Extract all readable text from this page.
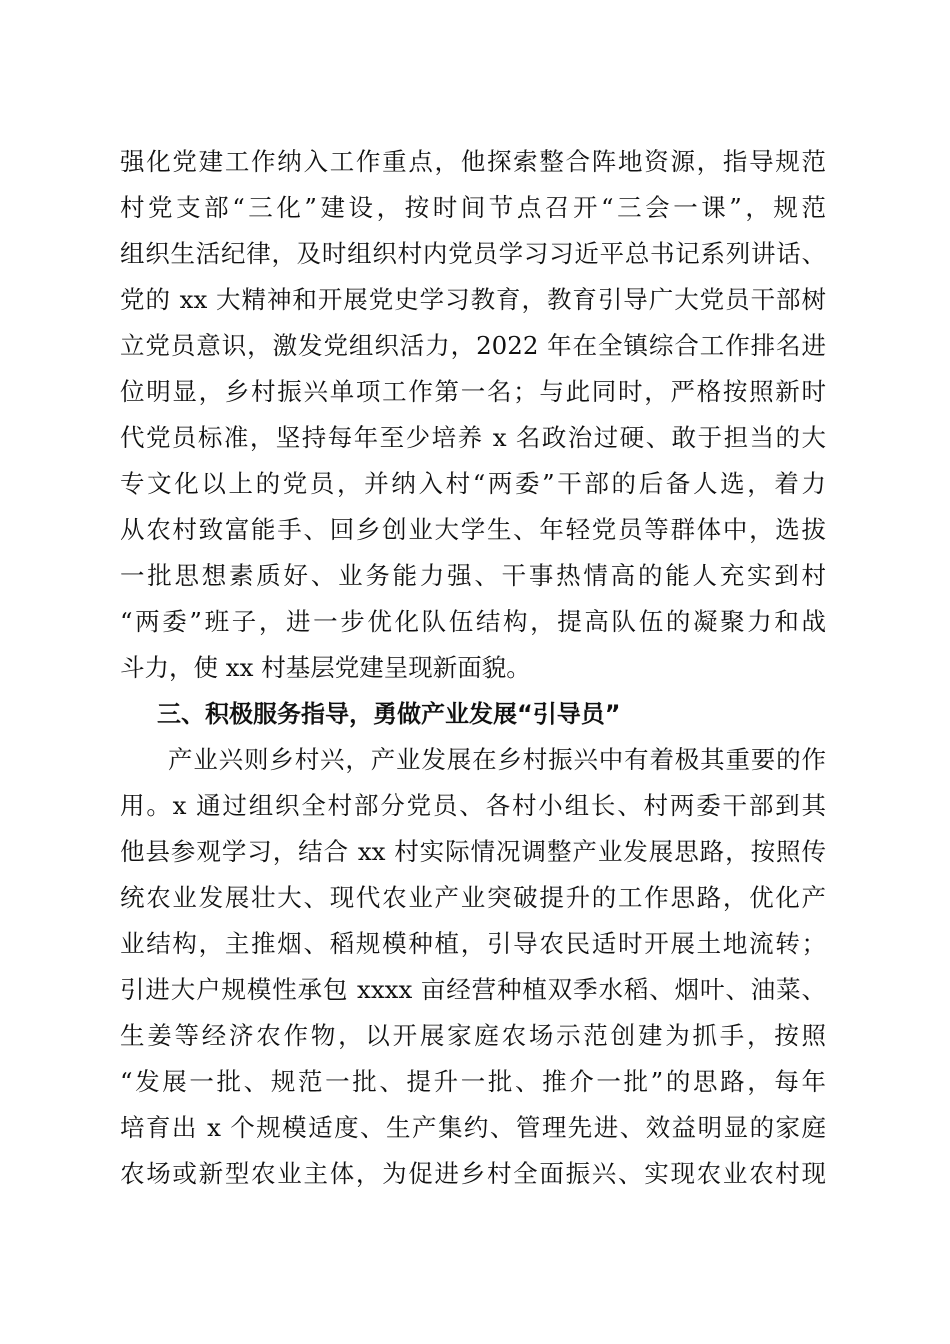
强化党建工作纳入工作重点，他探索整合阵地资源，指导规范
村党支部“三化”建设，按时间节点召开“三会一课”，规范
组织生活纪律，及时组织村内党员学习习近平总书记系列讲话、
党的 xx 大精神和开展党史学习教育，教育引导广大党员干部树
立党员意识，激发党组织活力，2022 年在全镇综合工作排名进
位明显，乡村振兴单项工作第一名；与此同时，严格按照新时
代党员标准，坚持每年至少培养 x 名政治过硬、敢于担当的大
专文化以上的党员，并纳入村“两委”干部的后备人选，着力
从农村致富能手、回乡创业大学生、年轻党员等群体中，选拔
一批思想素质好、业务能力强、干事热情高的能人充实到村
“两委”班子，进一步优化队伍结构，提高队伍的凝聚力和战
斗力，使 xx 村基层党建呈现新面貌。
三、积极服务指导，勇做产业发展“引导员”
产业兴则乡村兴，产业发展在乡村振兴中有着极其重要的作
用。x 通过组织全村部分党员、各村小组长、村两委干部到其
他县参观学习，结合 xx 村实际情况调整产业发展思路，按照传
统农业发展壮大、现代农业产业突破提升的工作思路，优化产
业结构，主推烟、稻规模种植，引导农民适时开展土地流转；
引进大户规模性承包 xxxx 亩经营种植双季水稻、烟叶、油菜、
生姜等经济农作物，以开展家庭农场示范创建为抓手，按照
“发展一批、规范一批、提升一批、推介一批”的思路，每年
培育出 x 个规模适度、生产集约、管理先进、效益明显的家庭
农场或新型农业主体，为促进乡村全面振兴、实现农业农村现
